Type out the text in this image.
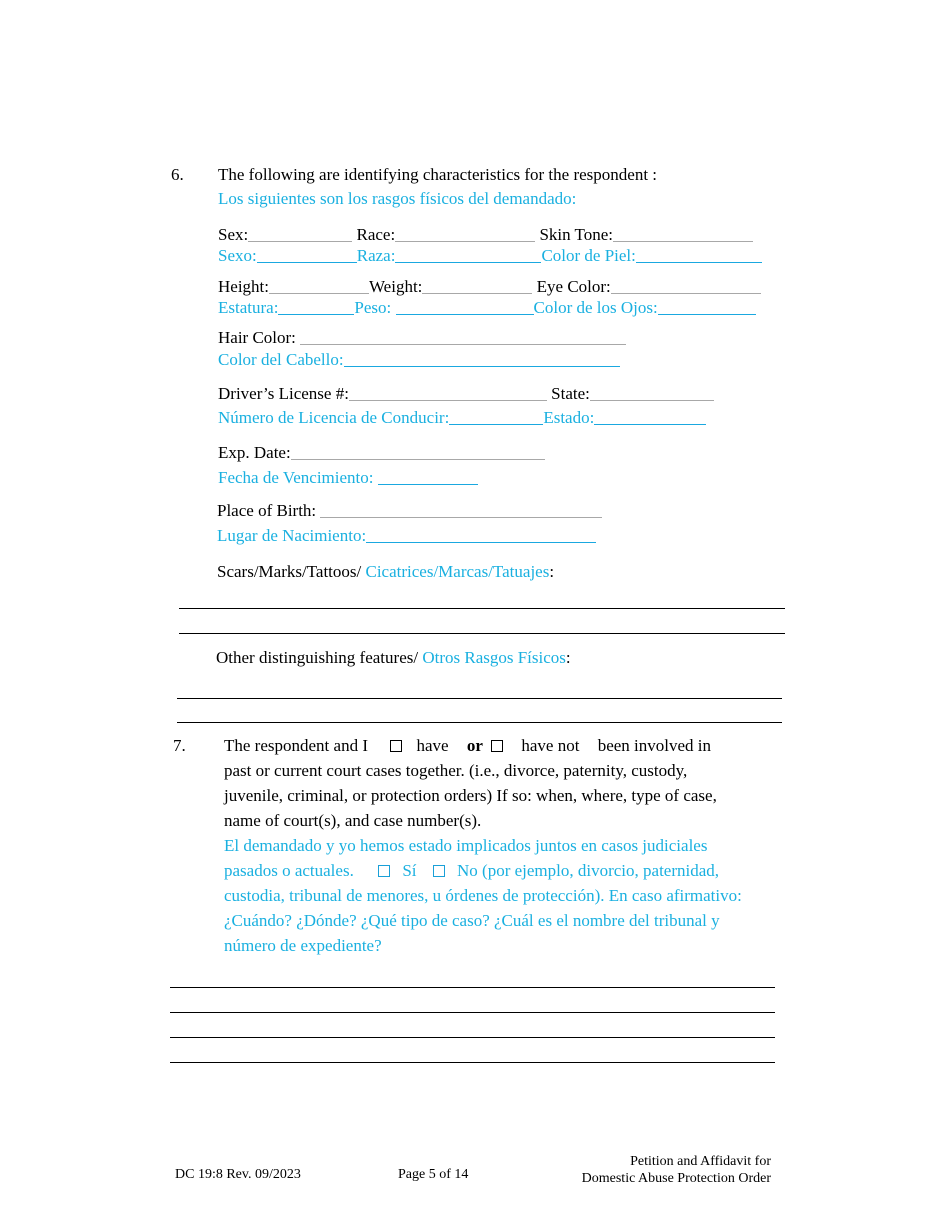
6. The following are identifying characteristics for the respondent :
Los siguientes son los rasgos físicos del demandado:
Sex:	Race:	Skin Tone:
Sexo:	Raza:	Color de Piel:
Height:	Weight:	Eye Color:
Estatura:	Peso:	Color de los Ojos:
Hair Color:
Color del Cabello:
Driver’s License #:	State:
Número de Licencia de Conducir:	Estado:
Exp. Date:
Fecha de Vencimiento:
Place of Birth:
Lugar de Nacimiento:
Scars/Marks/Tattoos/ Cicatrices/Marcas/Tatuajes:
Other distinguishing features/ Otros Rasgos Físicos:
7. The respondent and I	have or have not been involved in
past or current court cases together. (i.e., divorce, paternity, custody,
juvenile, criminal, or protection orders) If so: when, where, type of case,
name of court(s), and case number(s).
El demandado y yo hemos estado implicados juntos en casos judiciales
pasados o actuales.	Sí No (por ejemplo, divorcio, paternidad,
custodia, tribunal de menores, u órdenes de protección). En caso afirmativo:
¿Cuándo? ¿Dónde? ¿Qué tipo de caso? ¿Cuál es el nombre del tribunal y
número de expediente?
DC 19:8 Rev. 09/2023	Page 5 of 14
Petition and Affidavit for
Domestic Abuse Protection Order
